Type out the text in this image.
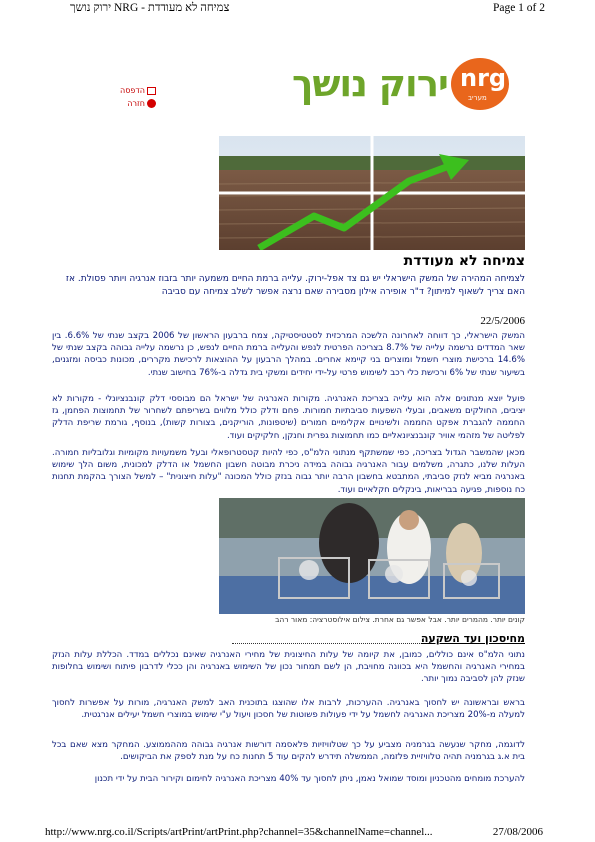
Page 1 of 2
צמיחה לא מעודדת - NRG ירוק נושך
ירוק נושך nrg
מעריב
הדפסה
חזרה
צמיחה לא מעודדת
לצמיחה המהירה של המשק הישראלי יש גם צד אפל-ירוק. עלייה ברמת החיים משמעה יותר בזבוז אנרגיה ויותר פסולת. אז האם צריך לשאוף למיתון? ד"ר אופירה אילון מסבירה שאם נרצה אפשר לשלב צמיחה עם סביבה
22/5/2006
המשק הישראלי, כך דווחה לאחרונה הלשכה המרכזית לסטטיסטיקה, צמח ברבעון הראשון של 2006 בקצב שנתי של 6.6%. בין שאר המדדים נרשמה עלייה של 8.7% בצריכה הפרטית לנפש והעלייה ברמת החיים לנפש, כן נרשמה עלייה גבוהה בקצב שנתי של 14.6% ברכישת מוצרי חשמל ומוצרים בני קיימא אחרים. במהלך הרבעון על ההוצאות לרכישת מקררים, מכונות כביסה ומזגנים, בשיעור שנתי של 6% ורכישת כלי רכב לשימוש פרטי על-ידי יחידים ומשקי בית גדלה ב-76% בחישוב שנתי.
פועל יוצא מנתונים אלה הוא עלייה בצריכת האנרגיה. מקורות האנרגיה של ישראל הם מבוססי דלק קונבנציונלי - מקורות לא יציבים, החולקים משאבים, ובעלי השפעות סביבתיות חמורות. פחם ודלק כולל מלווים בשריפתם לשחרור של תחמוצות הפחמן, גז החממה להגברת אפקט החממה ולשינויים אקלימיים חמורים (שיטפונות, הוריקנים, בצורות קשות), בנוסף, גורמת שריפת הדלק לפליטה של מזהמי אוויר קונבנציונאליים כמו תחמוצות גפרית וחנקן, חלקיקים ועוד.
מכאן שהמשבר הגדול בצריכה, כפי שמשתקף מנתוני הלמ"ס, כפי להיות קטסטרופאלי ובעל משמעויות מקומיות וגלובליות חמורה. העלות שלנו, כתגרה, משלמים עבור האנרגיה גבוהה במידה ניכרת מבוטה חשבון החשמל או הדלק למכונית, משום הלך שימוש באנרגיה מביא לנזק סביבתי, המתבטא בחשבון הרבה יותר גבוה בנזק כולל המכונה "עלות חיצונית" – למשל הצורך בהקמת תחנות כח נוספות, פגיעה בבריאות, בינקלים חקלאיים ועוד.
קונים יותר. מהמרים יותר. אבל אפשר גם אחרת. צילום אילוסטרציה: מאור רהב
מחיסכון ועד השקעה
נתוני הלמ"ס אינם כוללים, כמובן, את קיומה של עלות החיצונית של מחירי האנרגיה שאינם נכללים במדד. הכללת עלות הנזק במחירי האנרגיה והחשמל היא בכוונה מחויבת, הן לשם תמחור נכון של השימוש באנרגיה והן ככלי לדרבון פיתוח ושימוש בחלופות שנזק להן לסביבה נמוך יותר.
בראש ובראשונה יש לחסוך באנרגיה. ההערכות, לרבות אלו שהוצגו בתוכנית האב למשק האנרגיה, מורות על אפשרות לחסוך למעלה מ-20% מצריכת האנרגיה לחשמל על ידי פעולות פשוטות של חסכון ויעול ע"י שימוש במוצרי חשמל יעילים אנרגטית.
לדוגמה, מחקר שנעשה בגרמניה מצביע על כך שטלוויזיות פלאסמה דורשות אנרגיה גבוהה מההממוצע. המחקר מצא שאם בכל בית א.ג בגרמניה תהיה טלוויזיית פלזמה, הממשלה תידרש להקים עוד 5 תחנות כח על מנת לספק את הביקושים.
להערכת מומחים מהטכניון ומוסד שמואל נאמן, ניתן לחסוך עד 40% מצריכת האנרגיה לחימום וקירור הבית על ידי תכנון
http://www.nrg.co.il/Scripts/artPrint/artPrint.php?channel=35&channelName=channel...	27/08/2006
